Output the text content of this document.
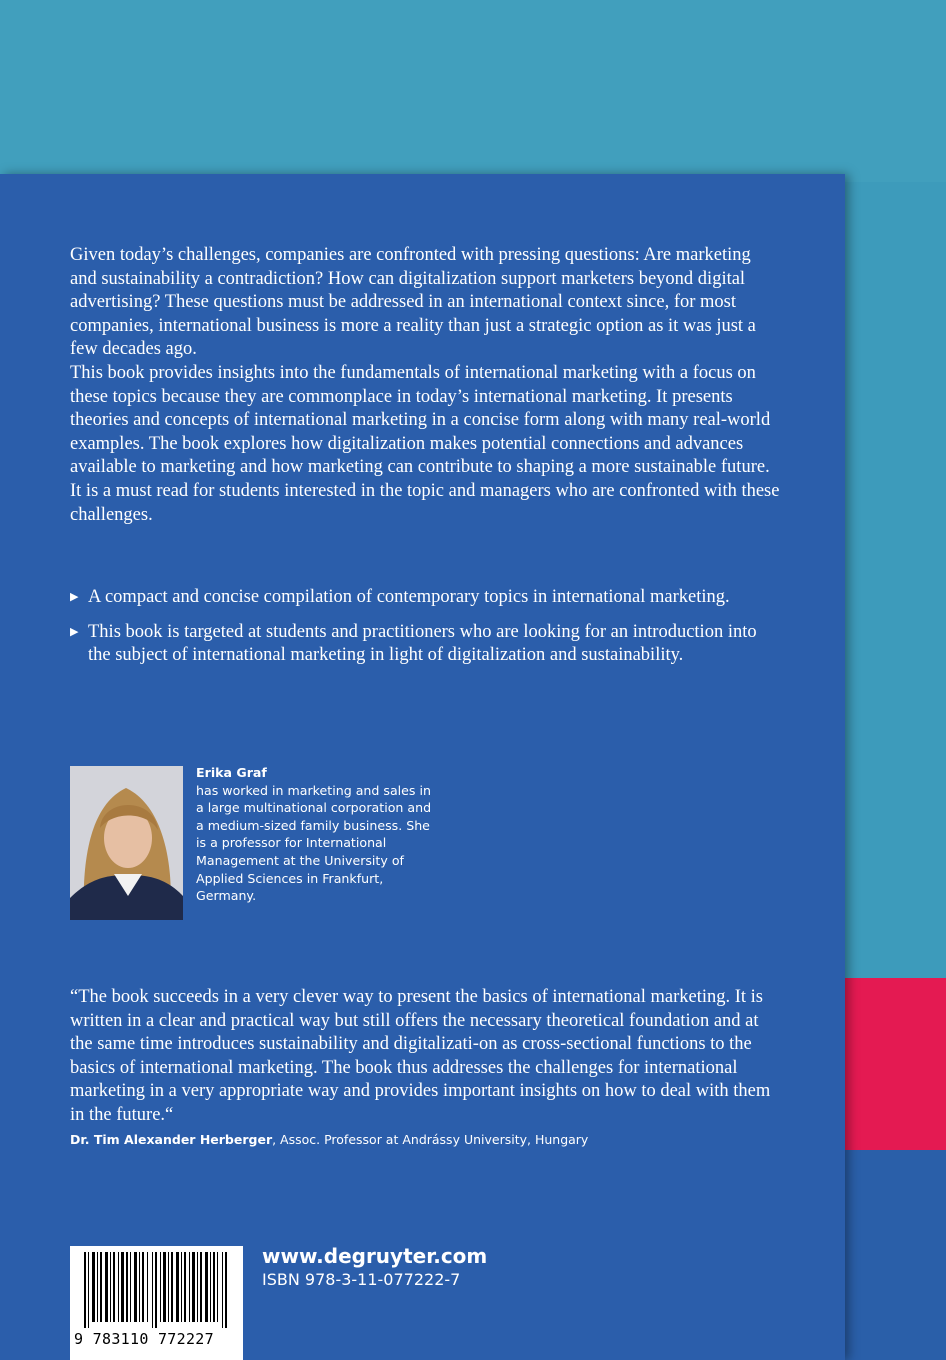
Given today’s challenges, companies are confronted with pressing questions: Are marketing and sustainability a contradiction? How can digitalization support marketers beyond digital advertising? These questions must be addressed in an international context since, for most companies, international business is more a reality than just a strategic option as it was just a few decades ago.

This book provides insights into the fundamentals of international marketing with a focus on these topics because they are commonplace in today’s international marketing. It presents theories and concepts of international marketing in a concise form along with many real-world examples. The book explores how digitalization makes potential connections and advances available to marketing and how marketing can contribute to shaping a more sustainable future. It is a must read for students interested in the topic and managers who are confronted with these challenges.

▶ A compact and concise compilation of contemporary topics in international marketing.
▶ This book is targeted at students and practitioners who are looking for an introduction into the subject of international marketing in light of digitalization and sustainability.
Erika Graf
has worked in marketing and sales in a large multinational corporation and a medium-sized family business. She is a professor for International Management at the University of Applied Sciences in Frankfurt, Germany.

“The book succeeds in a very clever way to present the basics of international marketing. It is written in a clear and practical way but still offers the necessary theoretical foundation and at the same time introduces sustainability and digitalizati-on as cross-sectional functions to the basics of international marketing. The book thus addresses the challenges for international marketing in a very appropriate way and provides important insights on how to deal with them in the future.“

Dr. Tim Alexander Herberger, Assoc. Professor at Andrássy University, Hungary
9 783110 772227
www.degruyter.com
ISBN 978-3-11-077222-7
